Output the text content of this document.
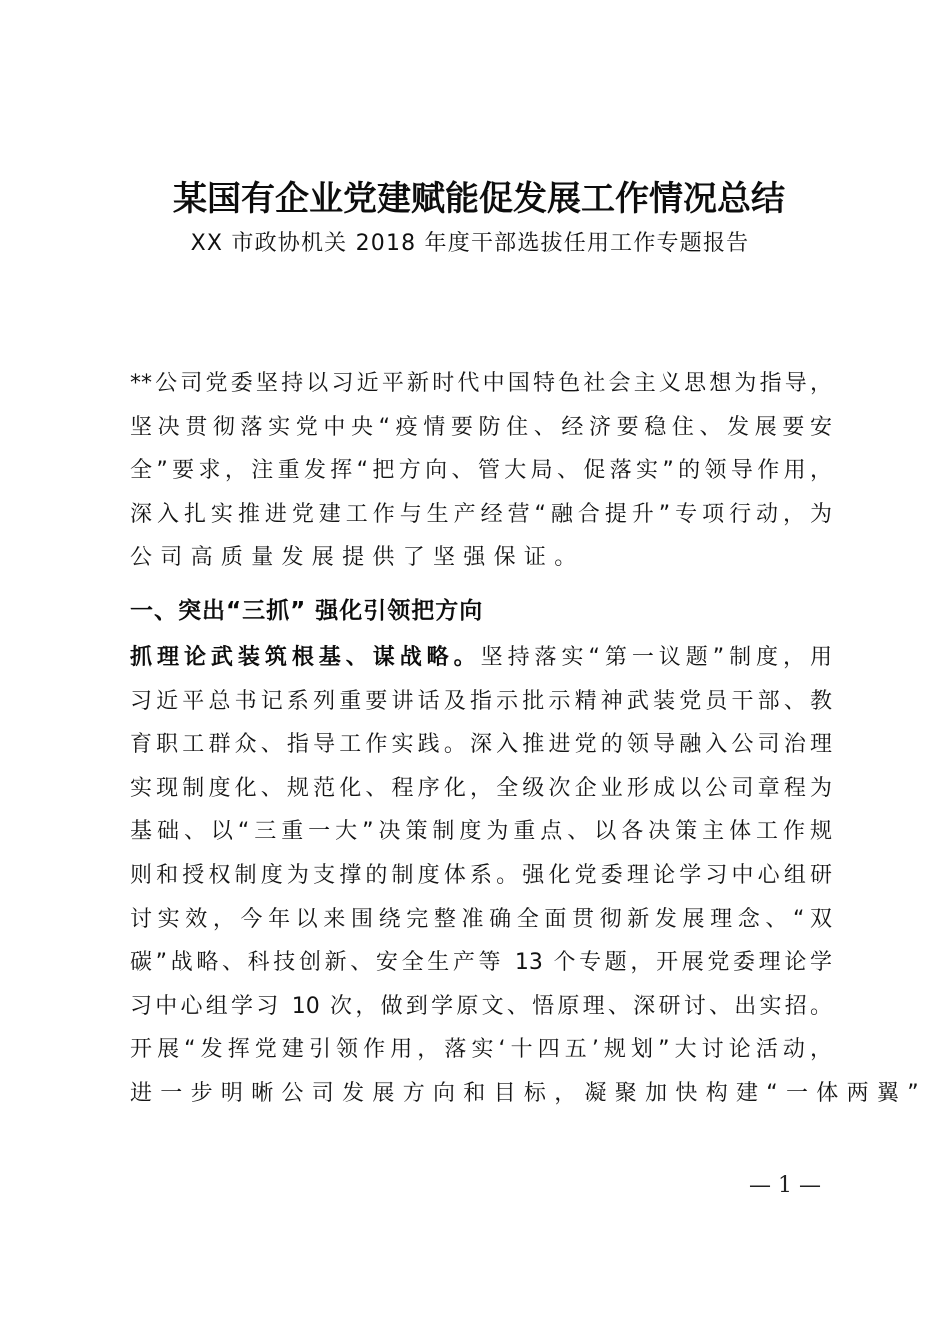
某国有企业党建赋能促发展工作情况总结
XX 市政协机关 2018 年度干部选拔任用工作专题报告
**公司党委坚持以习近平新时代中国特色社会主义思想为指导，
坚决贯彻落实党中央“疫情要防住、经济要稳住、发展要安
全”要求，注重发挥“把方向、管大局、促落实”的领导作用，
深入扎实推进党建工作与生产经营“融合提升”专项行动，为
公司高质量发展提供了坚强保证。
一、突出“三抓” 强化引领把方向
抓理论武装筑根基、谋战略。坚持落实“第一议题”制度，用
习近平总书记系列重要讲话及指示批示精神武装党员干部、教
育职工群众、指导工作实践。深入推进党的领导融入公司治理
实现制度化、规范化、程序化，全级次企业形成以公司章程为
基础、以“三重一大”决策制度为重点、以各决策主体工作规
则和授权制度为支撑的制度体系。强化党委理论学习中心组研
讨实效，今年以来围绕完整准确全面贯彻新发展理念、“双
碳”战略、科技创新、安全生产等 13 个专题，开展党委理论学
习中心组学习 10 次，做到学原文、悟原理、深研讨、出实招。
开展“发挥党建引领作用，落实‘十四五’规划”大讨论活动，
进一步明晰公司发展方向和目标，凝聚加快构建“一体两翼”
— 1 —
